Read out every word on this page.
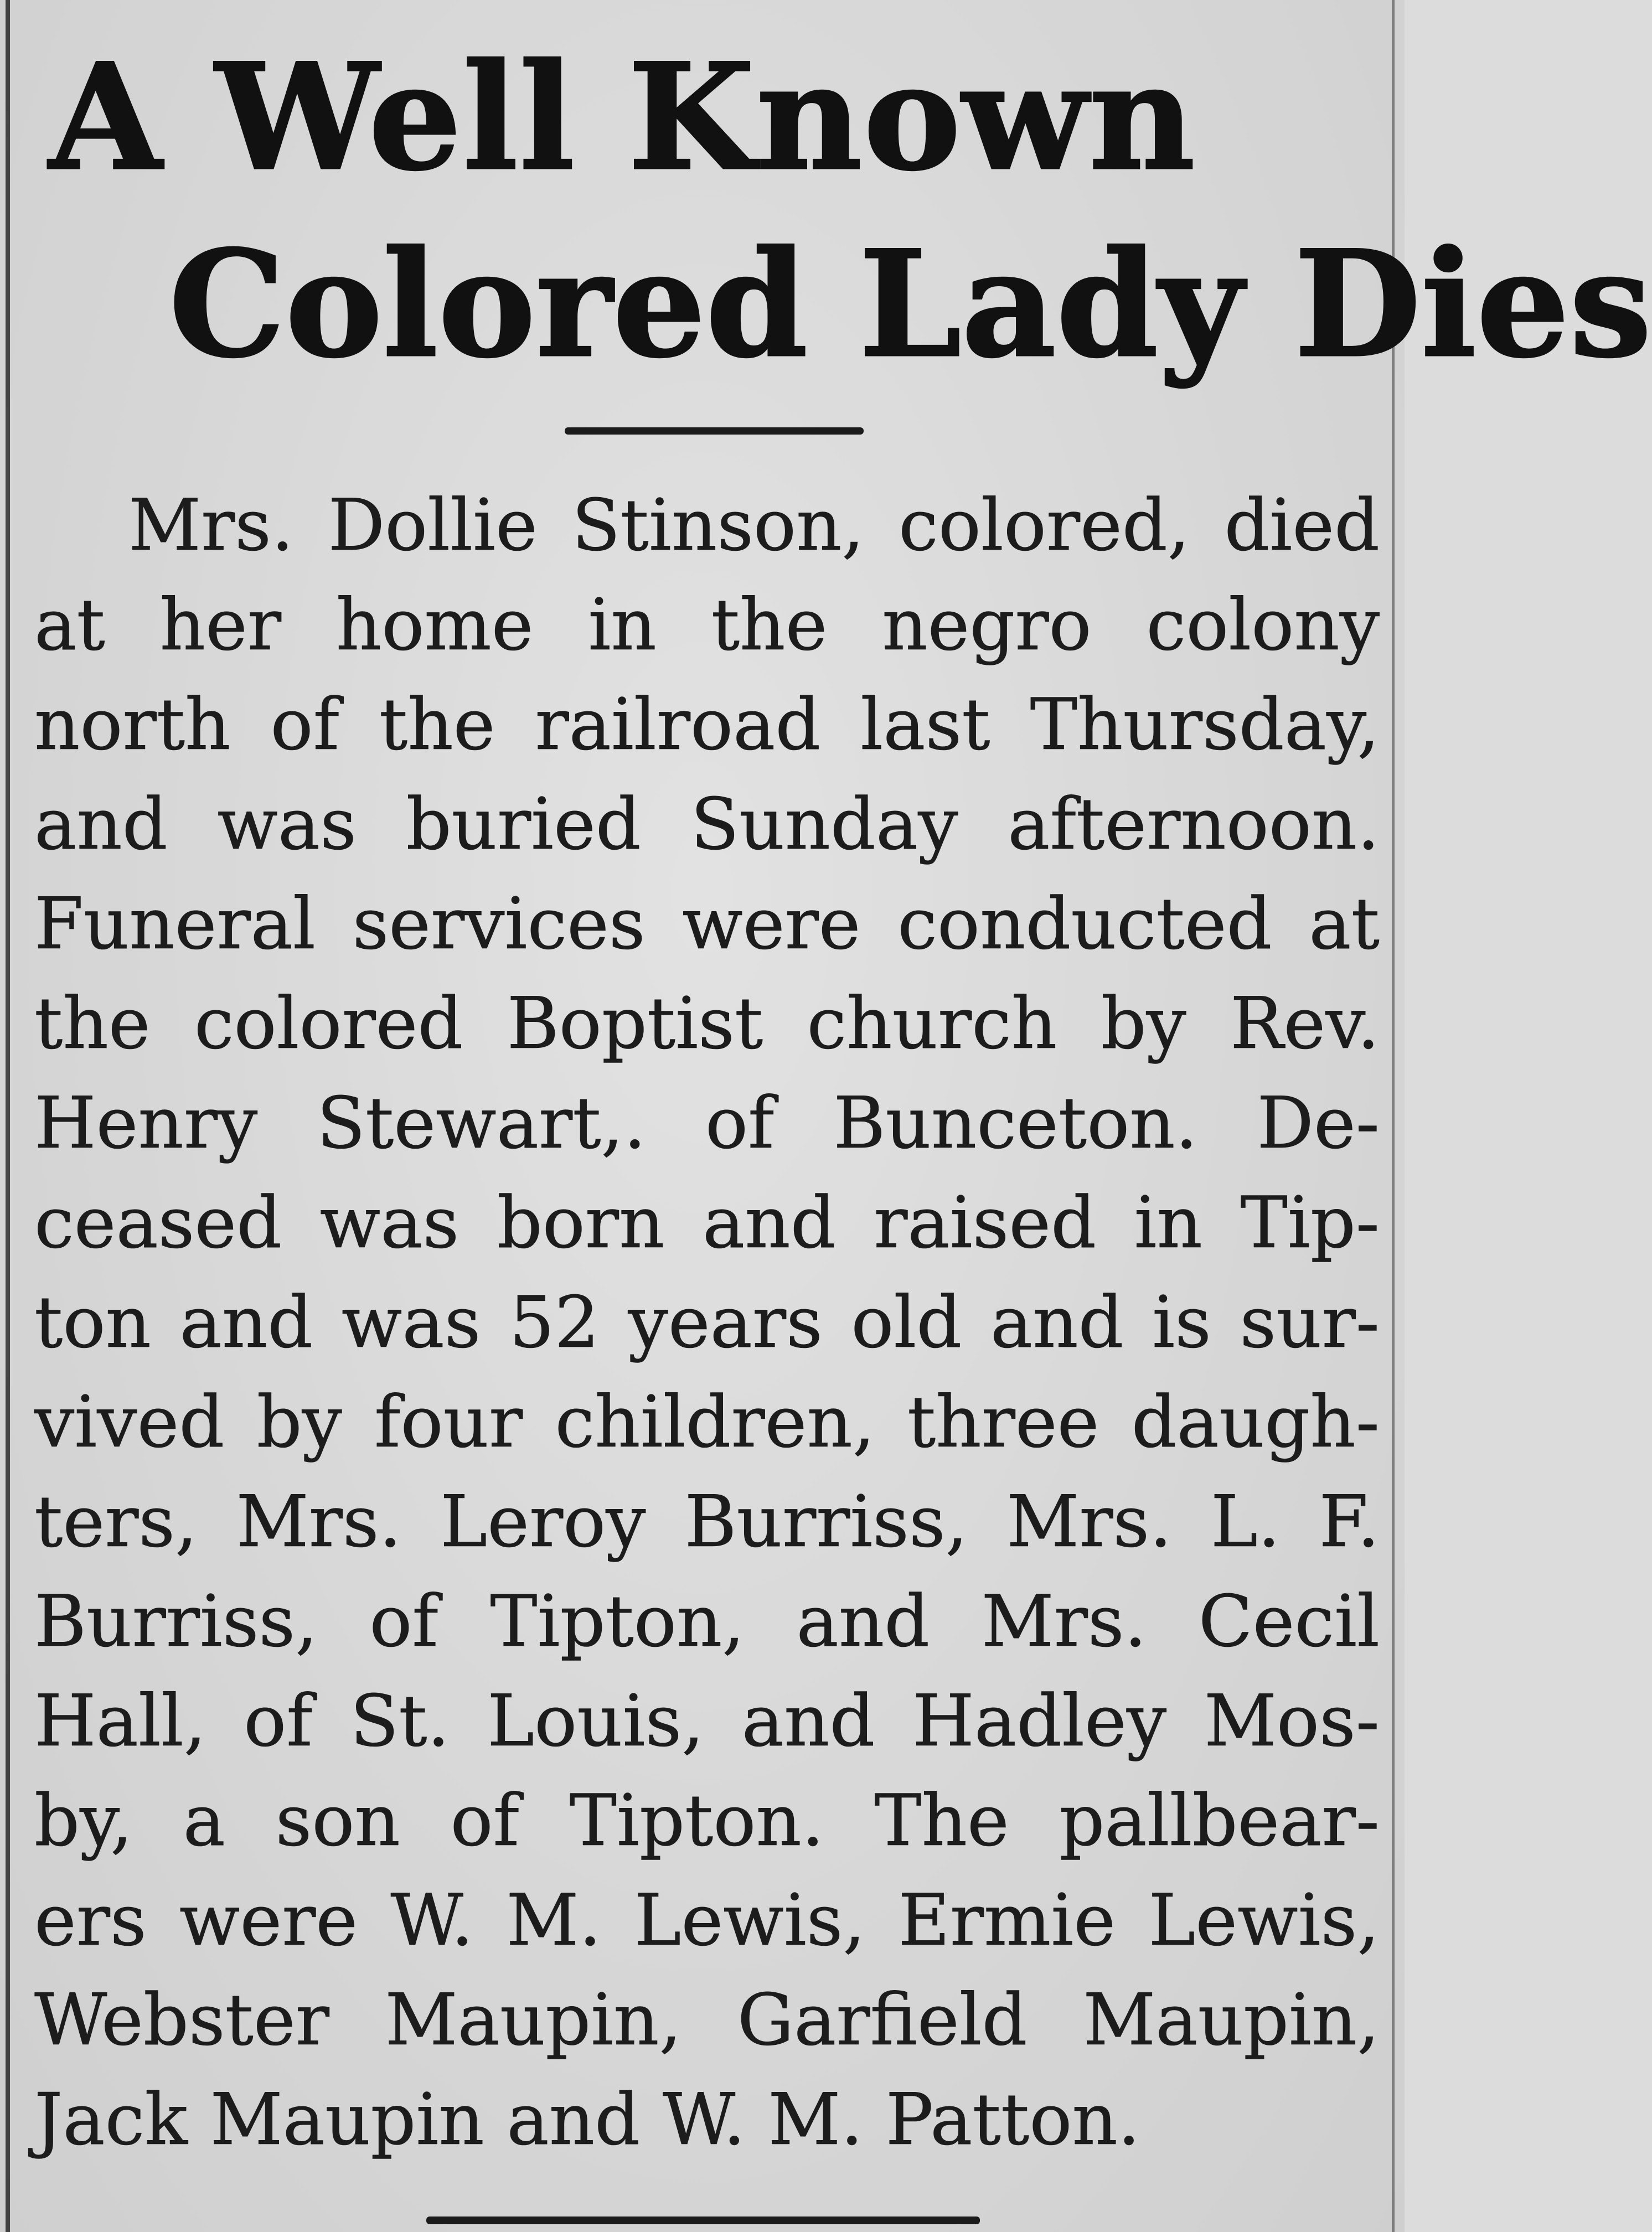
A Well Known
Colored Lady Dies
Mrs. Dollie Stinson, colored, died
at her home in the negro colony
north of the railroad last Thursday,
and was buried Sunday afternoon.
Funeral services were conducted at
the colored Boptist church by Rev.
Henry Stewart,. of Bunceton. De-
ceased was born and raised in Tip-
ton and was 52 years old and is sur-
vived by four children, three daugh-
ters, Mrs. Leroy Burriss, Mrs. L. F.
Burriss, of Tipton, and Mrs. Cecil
Hall, of St. Louis, and Hadley Mos-
by, a son of Tipton. The pallbear-
ers were W. M. Lewis, Ermie Lewis,
Webster Maupin, Garfield Maupin,
Jack Maupin and W. M. Patton.
